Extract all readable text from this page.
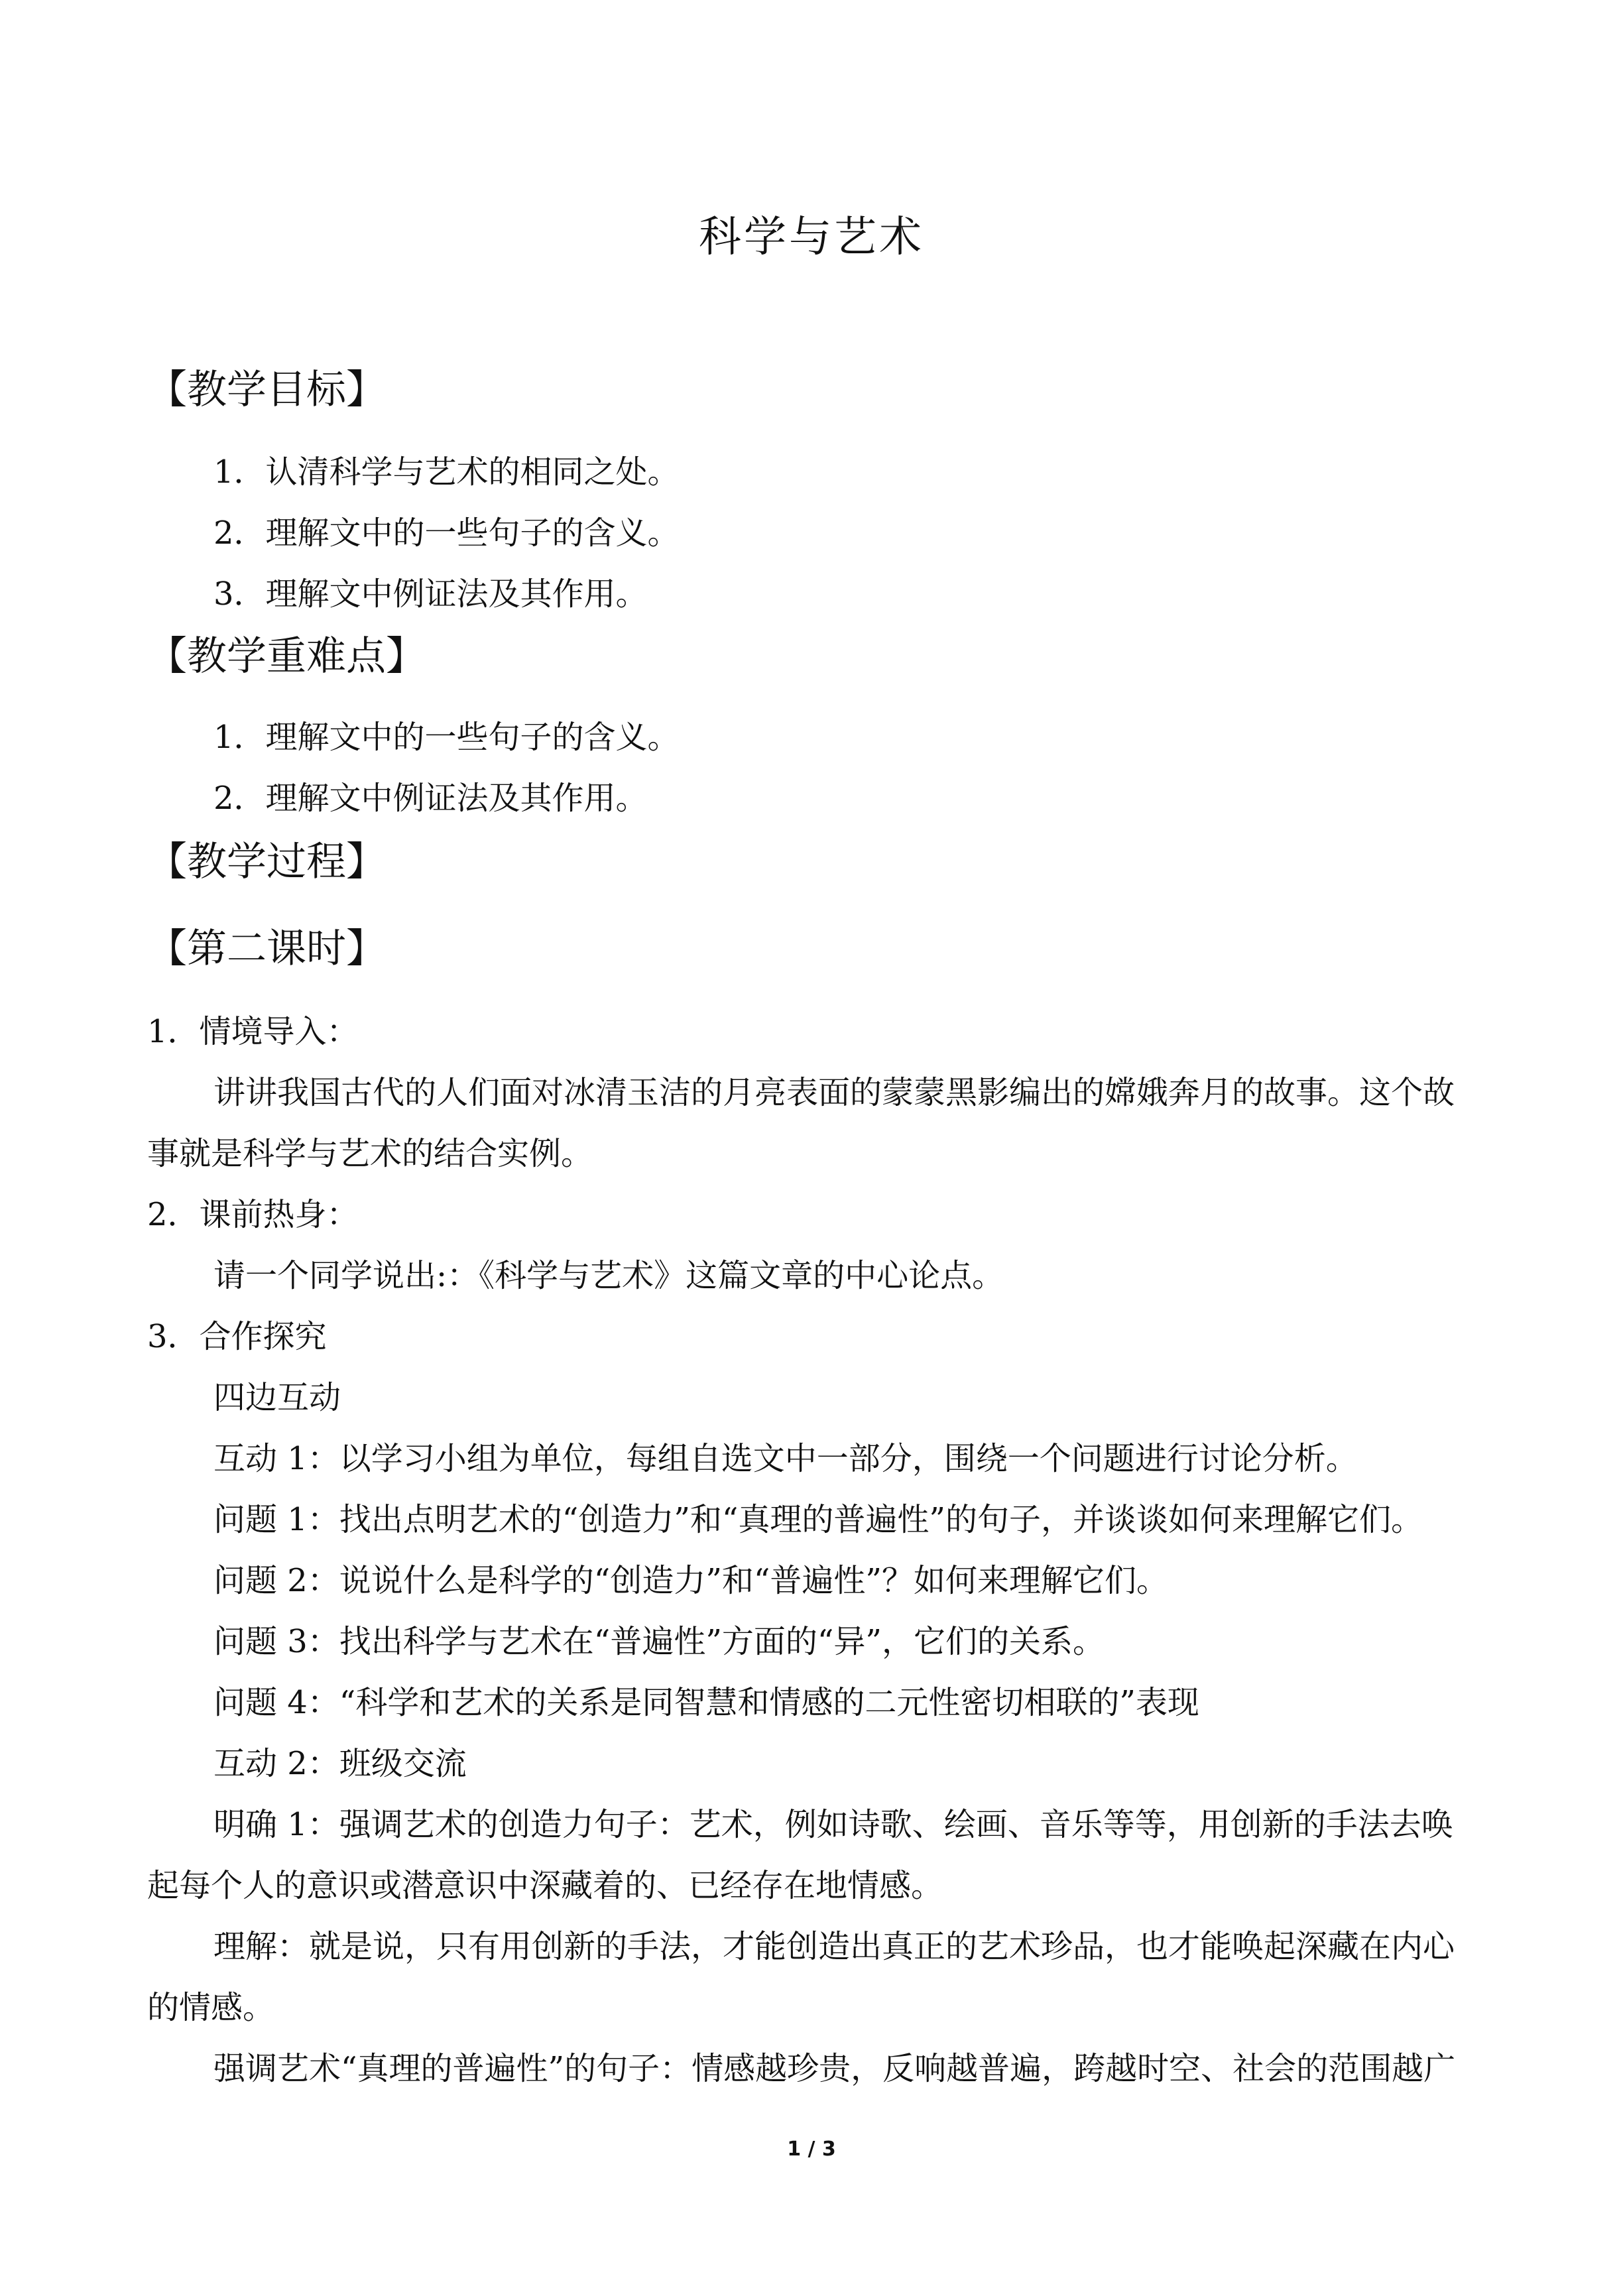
科学与艺术
【教学目标】
1．认清科学与艺术的相同之处。
2．理解文中的一些句子的含义。
3．理解文中例证法及其作用。
【教学重难点】
1．理解文中的一些句子的含义。
2．理解文中例证法及其作用。
【教学过程】
【第二课时】
1．情境导入：
讲讲我国古代的人们面对冰清玉洁的月亮表面的蒙蒙黑影编出的嫦娥奔月的故事。这个故
事就是科学与艺术的结合实例。
2．课前热身：
请一个同学说出:：《科学与艺术》这篇文章的中心论点。
3．合作探究
四边互动
互动 1：以学习小组为单位，每组自选文中一部分，围绕一个问题进行讨论分析。
问题 1：找出点明艺术的“创造力”和“真理的普遍性”的句子，并谈谈如何来理解它们。
问题 2：说说什么是科学的“创造力”和“普遍性”？如何来理解它们。
问题 3：找出科学与艺术在“普遍性”方面的“异”，它们的关系。
问题 4：“科学和艺术的关系是同智慧和情感的二元性密切相联的”表现
互动 2：班级交流
明确 1：强调艺术的创造力句子：艺术，例如诗歌、绘画、音乐等等，用创新的手法去唤
起每个人的意识或潜意识中深藏着的、已经存在地情感。
理解：就是说，只有用创新的手法，才能创造出真正的艺术珍品，也才能唤起深藏在内心
的情感。
强调艺术“真理的普遍性”的句子：情感越珍贵，反响越普遍，跨越时空、社会的范围越广
1 / 3
